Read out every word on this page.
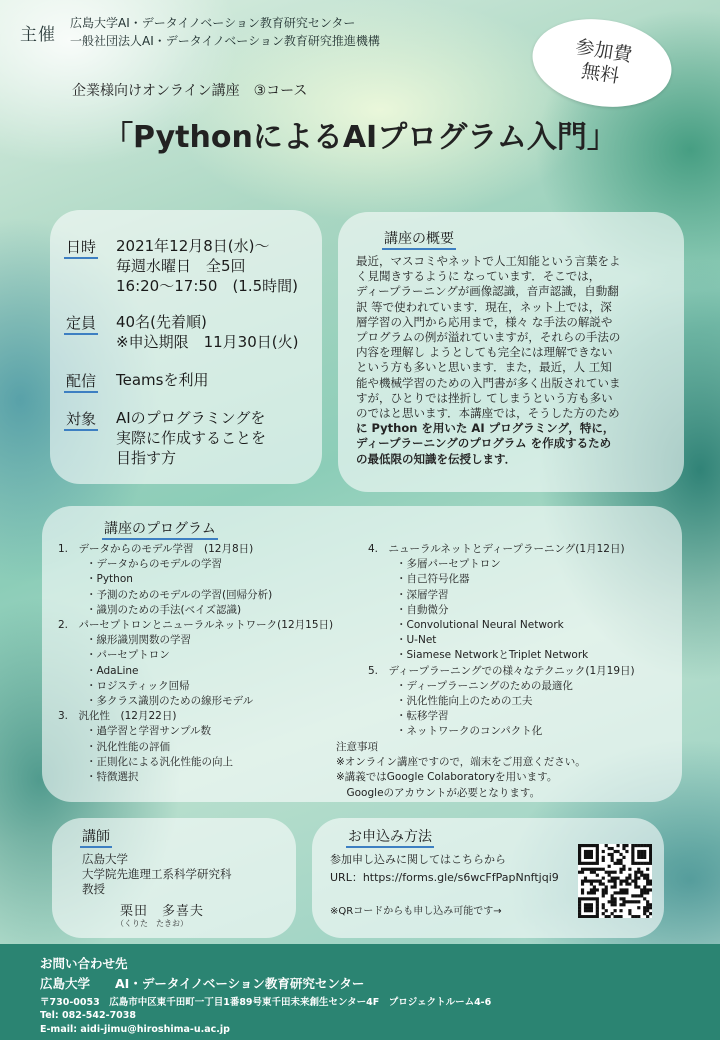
主催
広島大学AI・データイノベーション教育研究センター
一般社団法人AI・データイノベーション教育研究推進機構	参加費
無料
企業様向けオンライン講座　③コース
「PythonによるAIプログラム入門」
日時 2021年12月8日(水)～
毎週水曜日　全5回
16:20～17:50　(1.5時間)
定員 40名(先着順)
※申込期限　11月30日(火)
配信 Teamsを利用
対象 AIのプログラミングを
実際に作成することを
目指す方
講座の概要
最近，マスコミやネットで人工知能という言葉をよ
く見聞きするように なっています．そこでは，
ディープラーニングが画像認識，音声認識，自動翻
訳 等で使われています．現在，ネット上では，深
層学習の入門から応用まで，様々 な手法の解説や
プログラムの例が溢れていますが，それらの手法の
内容を理解し ようとしても完全には理解できない
という方も多いと思います．また，最近，人 工知
能や機械学習のための入門書が多く出版されていま
すが，ひとりでは挫折し てしまうという方も多い
のではと思います．本講座では，そうした方のため
に Python を用いた AI プログラミング，特に，
ディープラーニングのプログラム を作成するため
の最低限の知識を伝授します．
講座のプログラム
1.　データからのモデル学習　(12月8日)
・データからのモデルの学習
・Python
・予測のためのモデルの学習(回帰分析)
・識別のための手法(ベイズ認識)
2.　パーセプトロンとニューラルネットワーク(12月15日)
・線形識別関数の学習
・パーセプトロン
・AdaLine
・ロジスティック回帰
・多クラス識別のための線形モデル
3.　汎化性　(12月22日)
・過学習と学習サンプル数
・汎化性能の評価
・正則化による汎化性能の向上
・特徴選択
4.　ニューラルネットとディープラーニング(1月12日)
・多層パーセプトロン
・自己符号化器
・深層学習
・自動微分
・Convolutional Neural Network
・U-Net
・Siamese NetworkとTriplet Network
5.　ディープラーニングでの様々なテクニック(1月19日)
・ディープラーニングのための最適化
・汎化性能向上のための工夫
・転移学習
・ネットワークのコンパクト化
注意事項
※オンライン講座ですので，端末をご用意ください。
※講義ではGoogle Colaboratoryを用います。
　Googleのアカウントが必要となります。
講師
広島大学
大学院先進理工系科学研究科
教授
栗田　多喜夫
（くりた　たきお）
お申込み方法
参加申し込みに関してはこちらから
URL：https://forms.gle/s6wcFfPapNnftjqi9
※QRコードからも申し込み可能です→
お問い合わせ先
広島大学　　AI・データイノベーション教育研究センター
〒730-0053　広島市中区東千田町一丁目1番89号東千田未来創生センター4F　プロジェクトルーム4-6
Tel: 082-542-7038
E-mail: aidi-jimu@hiroshima-u.ac.jp
